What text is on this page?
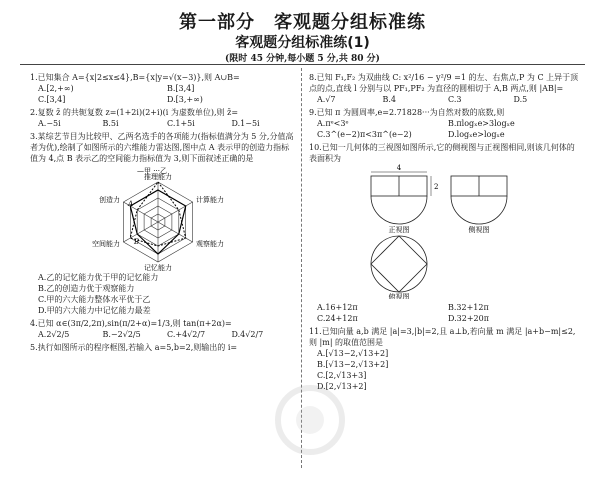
第一部分　客观题分组标准练
客观题分组标准练(1)
(限时 45 分钟,每小题 5 分,共 80 分)

1.已知集合 A={x|2≤x≤4},B={x|y=√(x−3)},则 A∪B=

A.[2,+∞)	B.[3,4]
C.[3,4]	D.[3,+∞)

2.复数 z̄ 的共轭复数 z=(1+2i)(2+i)(i 为虚数单位),则 z̄=

A.−5i	B.5i	C.1+5i	D.1−5i

3.某综艺节目为比较甲、乙两名选手的各项能力(指标值满分为 5 分,分值高者为优),绘制了如图所示的六维能力雷达图,图中点 A 表示甲的创造力指标值为 4,点 B 表示乙的空间能力指标值为 3,则下面叙述正确的是

—甲 ···乙
推理能力
计算能力
观察能力
记忆能力
空间能力
创造力 A
B
A.乙的记忆能力优于甲的记忆能力
B.乙的创造力优于观察能力
C.甲的六大能力整体水平优于乙
D.甲的六大能力中记忆能力最差

4.已知 α∈(3π/2,2π),sin(π/2+α)=1/3,则 tan(π+2α)=

A.2√2/5	B.−2√2/5	C.+4√2/7	D.4√2/7

5.执行如图所示的程序框图,若输入 a=5,b=2,则输出的 i=

8.已知 F₁,F₂ 为双曲线 C: x²/16 − y²/9 =1 的左、右焦点,P 为 C 上异于顶点的点,直线 l 分别与以 PF₁,PF₂ 为直径的圆相切于 A,B 两点,则 |AB|=

A.√7	B.4	C.3	D.5

9.已知 π 为圆周率,e=2.71828···为自然对数的底数,则

A.πᵉ<3ᵉ	B.πlogₓe>3logₓe
C.3^(e−2)π<3π^(e−2)	D.logₓe>logₓe

10.已知一几何体的三视图如图所示,它的侧视图与正视图相同,则该几何体的表面积为

4
2
正视图	侧视图
俯视图
A.16+12π	B.32+12π
C.24+12π	D.32+20π

11.已知向量 a,b 满足 |a|=3,|b|=2,且 a⊥b,若向量 m 满足 |a+b−m|≤2,则 |m| 的取值范围是

A.[√13−2,√13+2]
B.[√13−2,√13+2]
C.[2,√13+3]
D.[2,√13+2]
